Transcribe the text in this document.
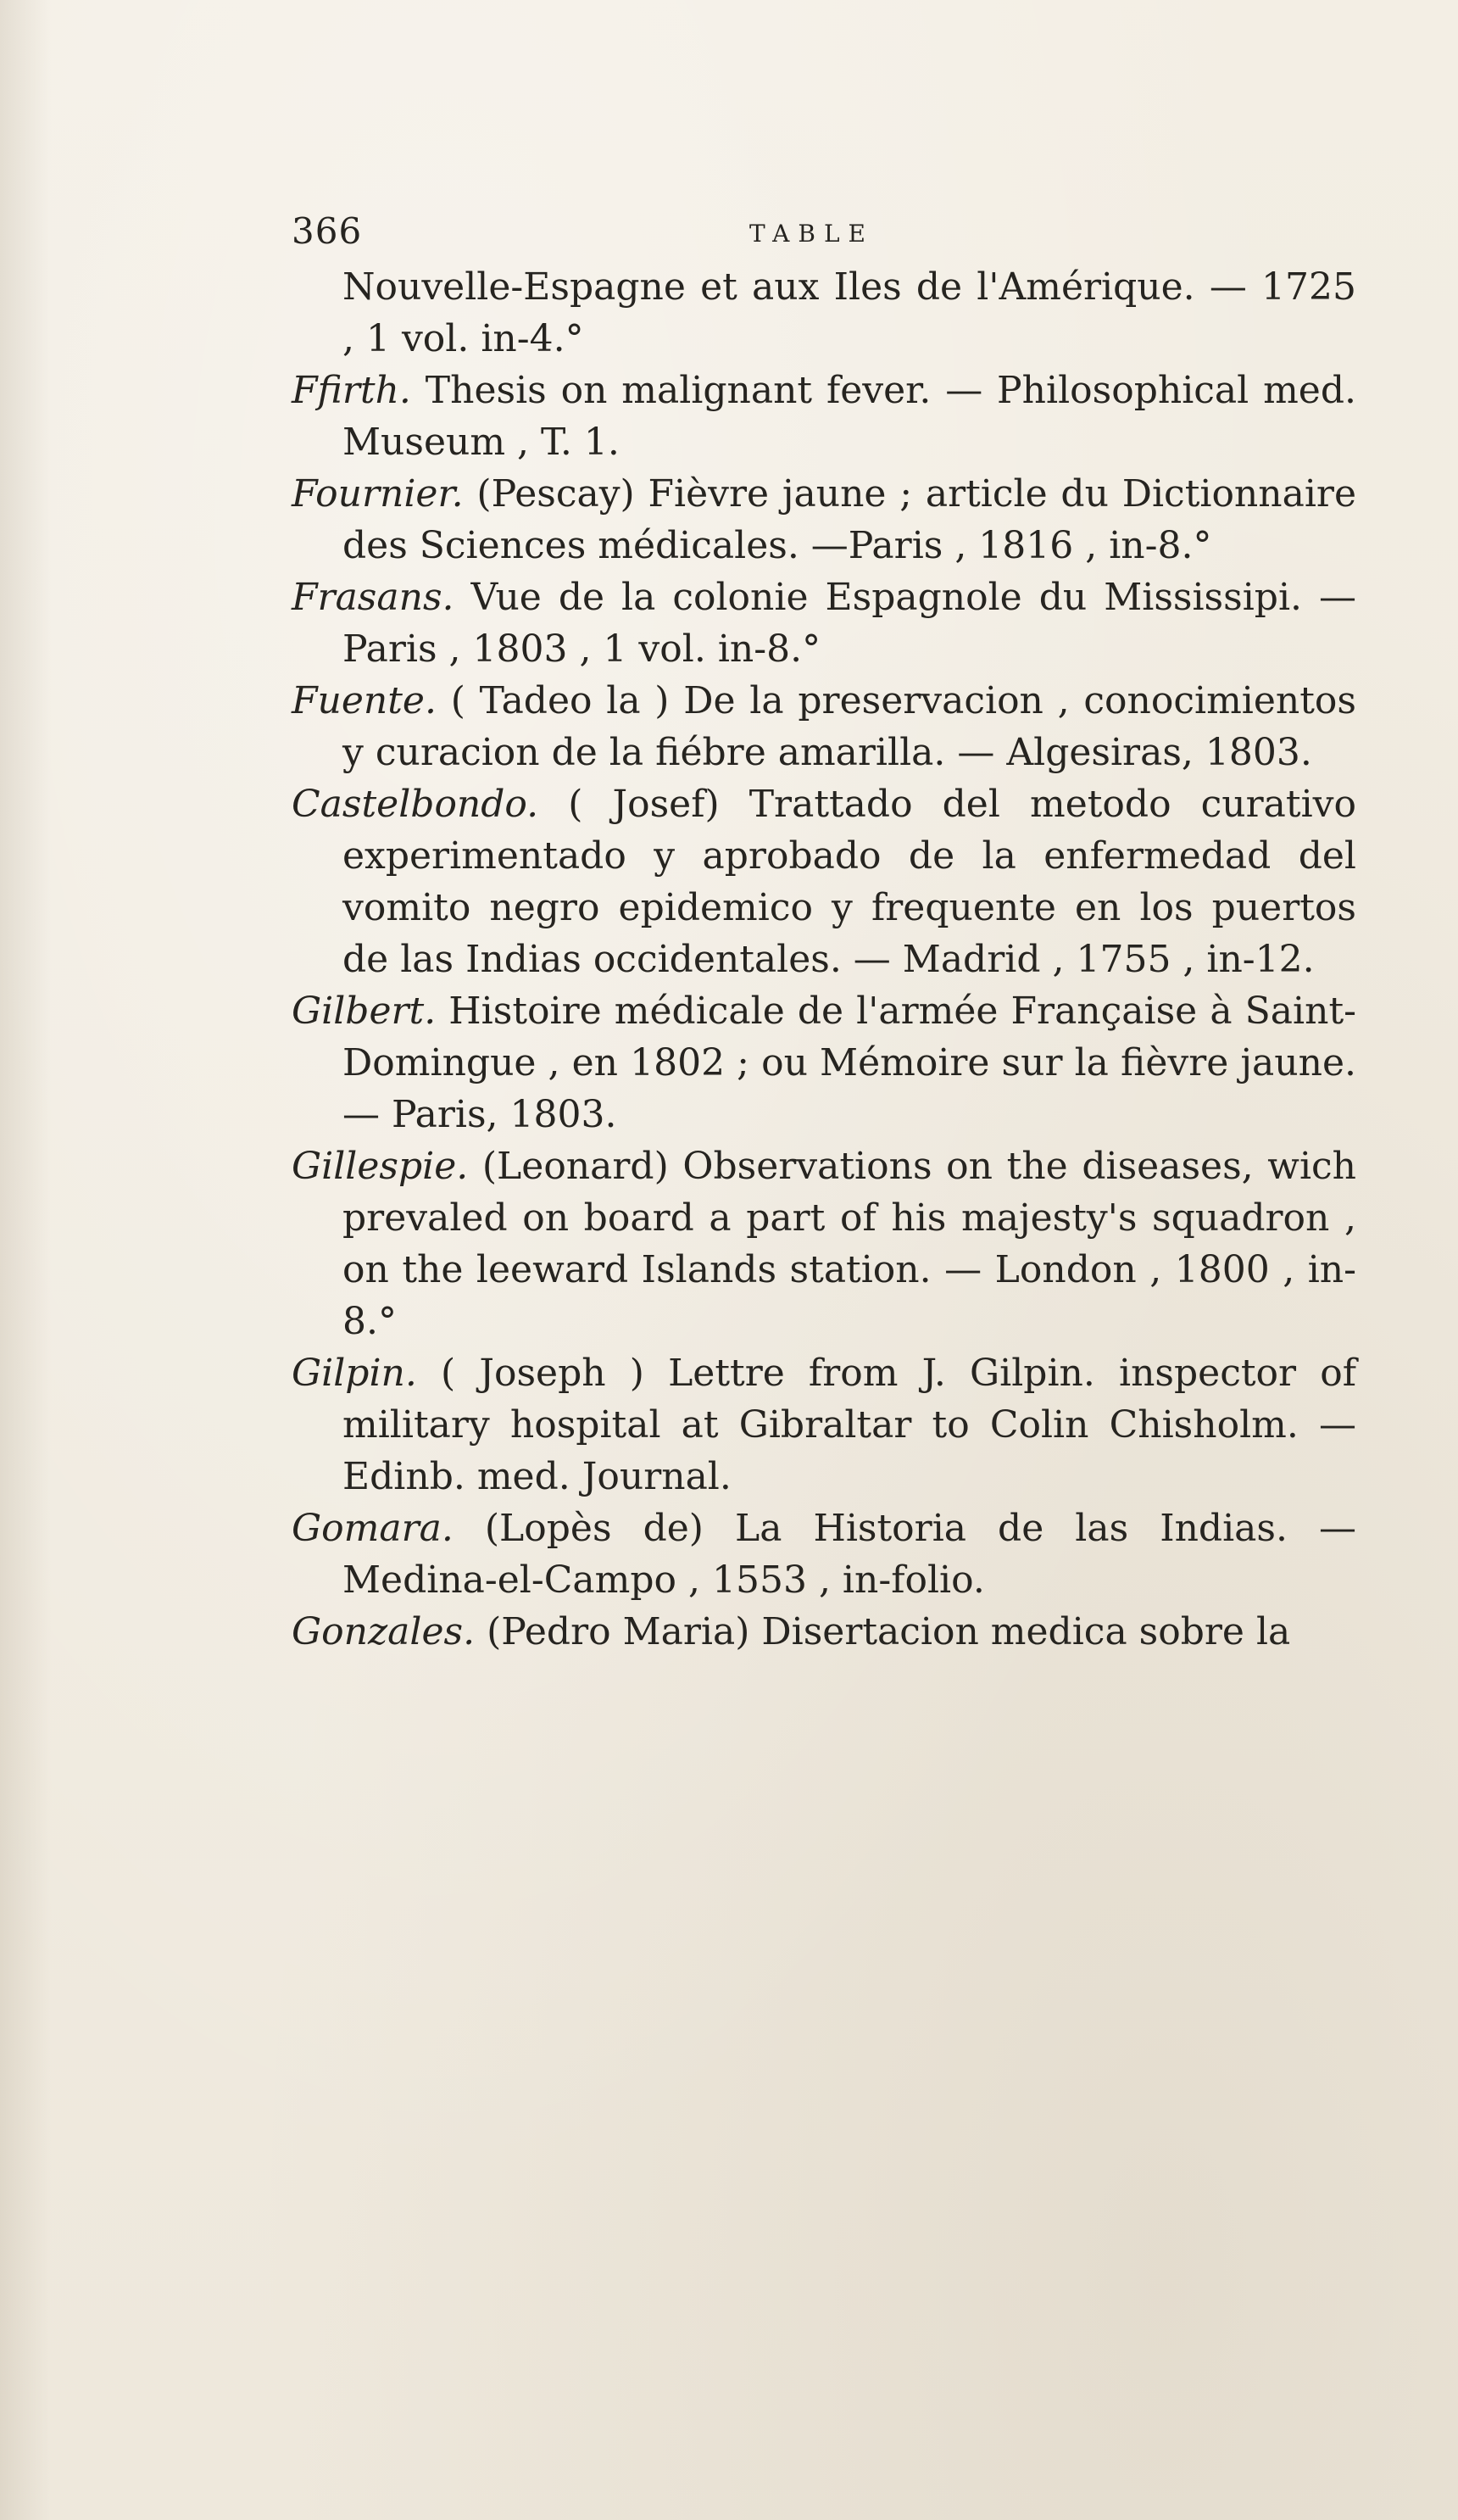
366	TABLE

Nouvelle-Espagne et aux Iles de l'Amérique. — 1725 , 1 vol. in-4.°

Ffirth. Thesis on malignant fever. — Philosophical med. Museum , T. 1.

Fournier. (Pescay) Fièvre jaune ; article du Dictionnaire des Sciences médicales. —Paris , 1816 , in-8.°

Frasans. Vue de la colonie Espagnole du Mississipi. — Paris , 1803 , 1 vol. in-8.°

Fuente. ( Tadeo la ) De la preservacion , conocimientos y curacion de la fiébre amarilla. — Algesiras, 1803.

Castelbondo. ( Josef) Trattado del metodo curativo experimentado y aprobado de la enfermedad del vomito negro epidemico y frequente en los puertos de las Indias occidentales. — Madrid , 1755 , in-12.

Gilbert. Histoire médicale de l'armée Française à Saint-Domingue , en 1802 ; ou Mémoire sur la fièvre jaune. — Paris, 1803.

Gillespie. (Leonard) Observations on the diseases, wich prevaled on board a part of his majesty's squadron , on the leeward Islands station. — London , 1800 , in-8.°

Gilpin. ( Joseph ) Lettre from J. Gilpin. inspector of military hospital at Gibraltar to Colin Chisholm. — Edinb. med. Journal.

Gomara. (Lopès de) La Historia de las Indias. — Medina-el-Campo , 1553 , in-folio.

Gonzales. (Pedro Maria) Disertacion medica sobre la
